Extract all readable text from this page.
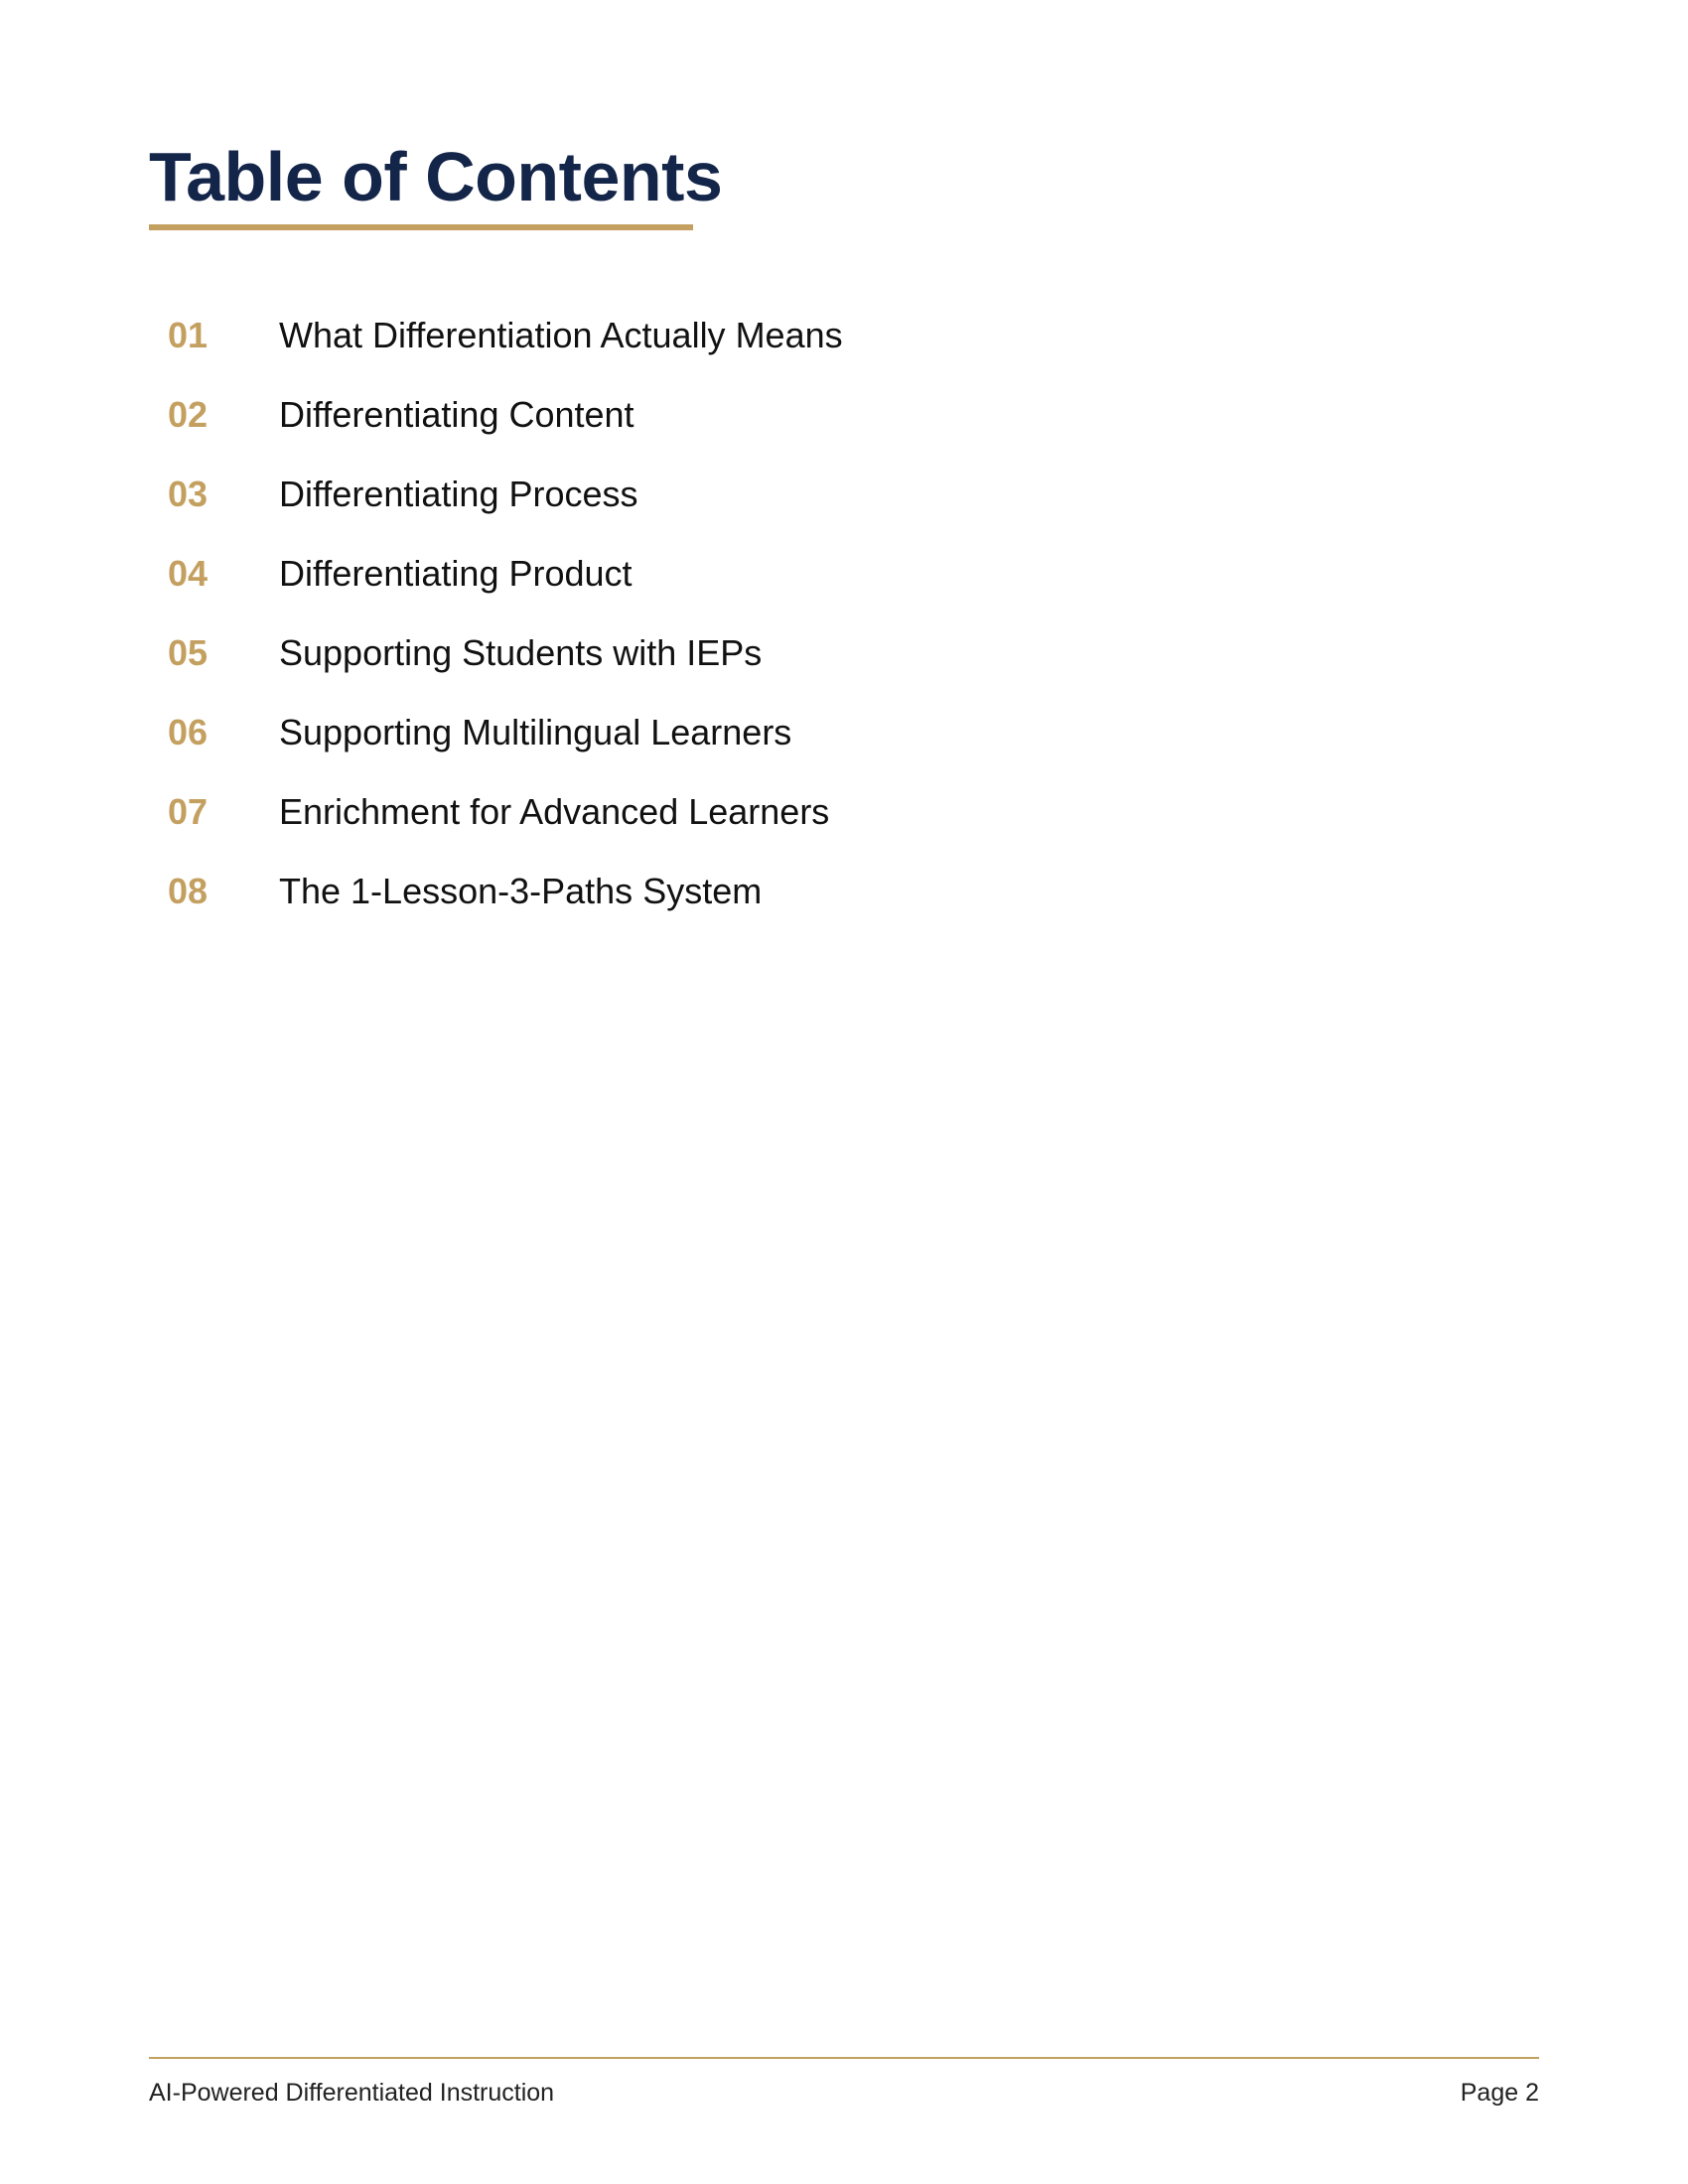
Table of Contents
01	What Differentiation Actually Means
02	Differentiating Content
03	Differentiating Process
04	Differentiating Product
05	Supporting Students with IEPs
06	Supporting Multilingual Learners
07	Enrichment for Advanced Learners
08	The 1-Lesson-3-Paths System
AI-Powered Differentiated Instruction	Page 2
